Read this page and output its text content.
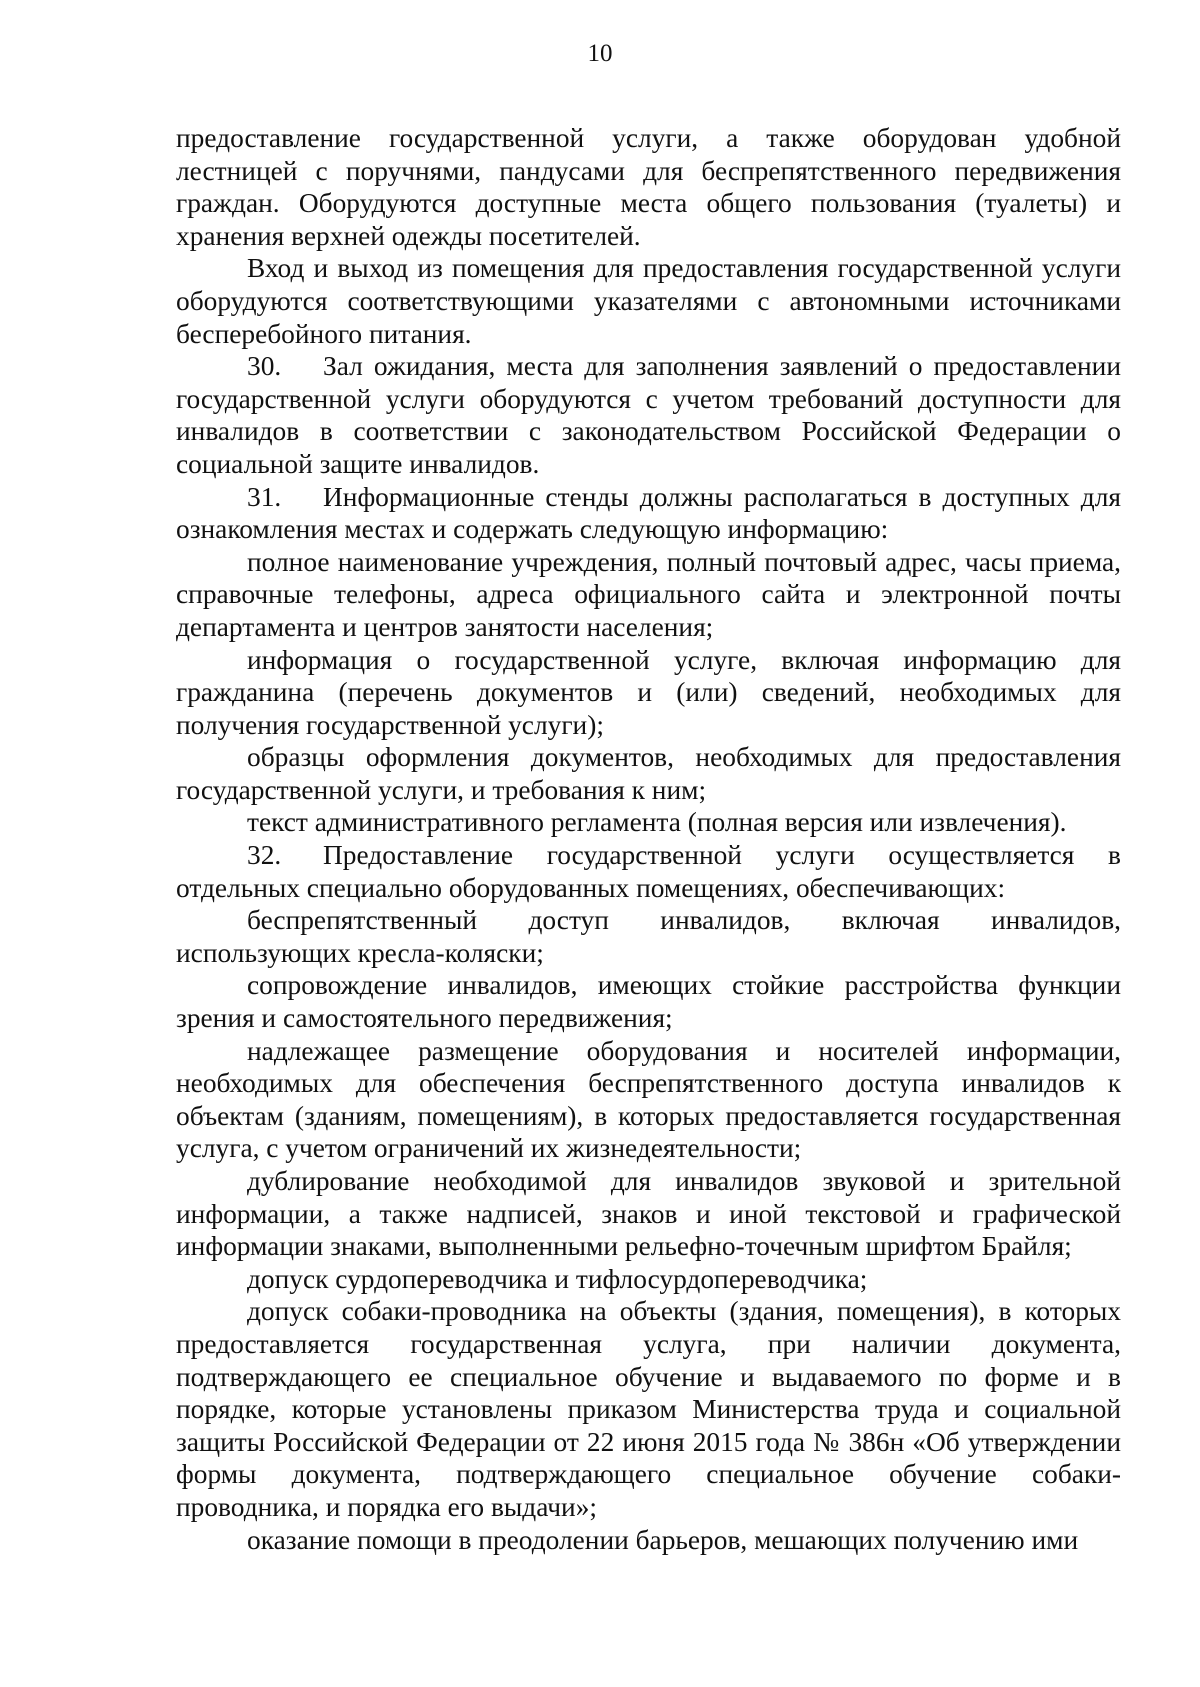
10

предоставление государственной услуги, а также оборудован удобной лестницей с поручнями, пандусами для беспрепятственного передвижения граждан. Оборудуются доступные места общего пользования (туалеты) и хранения верхней одежды посетителей.

Вход и выход из помещения для предоставления государственной услуги оборудуются соответствующими указателями с автономными источниками бесперебойного питания.

30. Зал ожидания, места для заполнения заявлений о предоставлении государственной услуги оборудуются с учетом требований доступности для инвалидов в соответствии с законодательством Российской Федерации о социальной защите инвалидов.

31. Информационные стенды должны располагаться в доступных для ознакомления местах и содержать следующую информацию:

полное наименование учреждения, полный почтовый адрес, часы приема, справочные телефоны, адреса официального сайта и электронной почты департамента и центров занятости населения;

информация о государственной услуге, включая информацию для гражданина (перечень документов и (или) сведений, необходимых для получения государственной услуги);

образцы оформления документов, необходимых для предоставления государственной услуги, и требования к ним;

текст административного регламента (полная версия или извлечения).

32. Предоставление государственной услуги осуществляется в отдельных специально оборудованных помещениях, обеспечивающих:

беспрепятственный доступ инвалидов, включая инвалидов, использующих кресла-коляски;

сопровождение инвалидов, имеющих стойкие расстройства функции зрения и самостоятельного передвижения;

надлежащее размещение оборудования и носителей информации, необходимых для обеспечения беспрепятственного доступа инвалидов к объектам (зданиям, помещениям), в которых предоставляется государственная услуга, с учетом ограничений их жизнедеятельности;

дублирование необходимой для инвалидов звуковой и зрительной информации, а также надписей, знаков и иной текстовой и графической информации знаками, выполненными рельефно-точечным шрифтом Брайля;

допуск сурдопереводчика и тифлосурдопереводчика;

допуск собаки-проводника на объекты (здания, помещения), в которых предоставляется государственная услуга, при наличии документа, подтверждающего ее специальное обучение и выдаваемого по форме и в порядке, которые установлены приказом Министерства труда и социальной защиты Российской Федерации от 22 июня 2015 года № 386н «Об утверждении формы документа, подтверждающего специальное обучение собаки-проводника, и порядка его выдачи»;

оказание помощи в преодолении барьеров, мешающих получению ими
